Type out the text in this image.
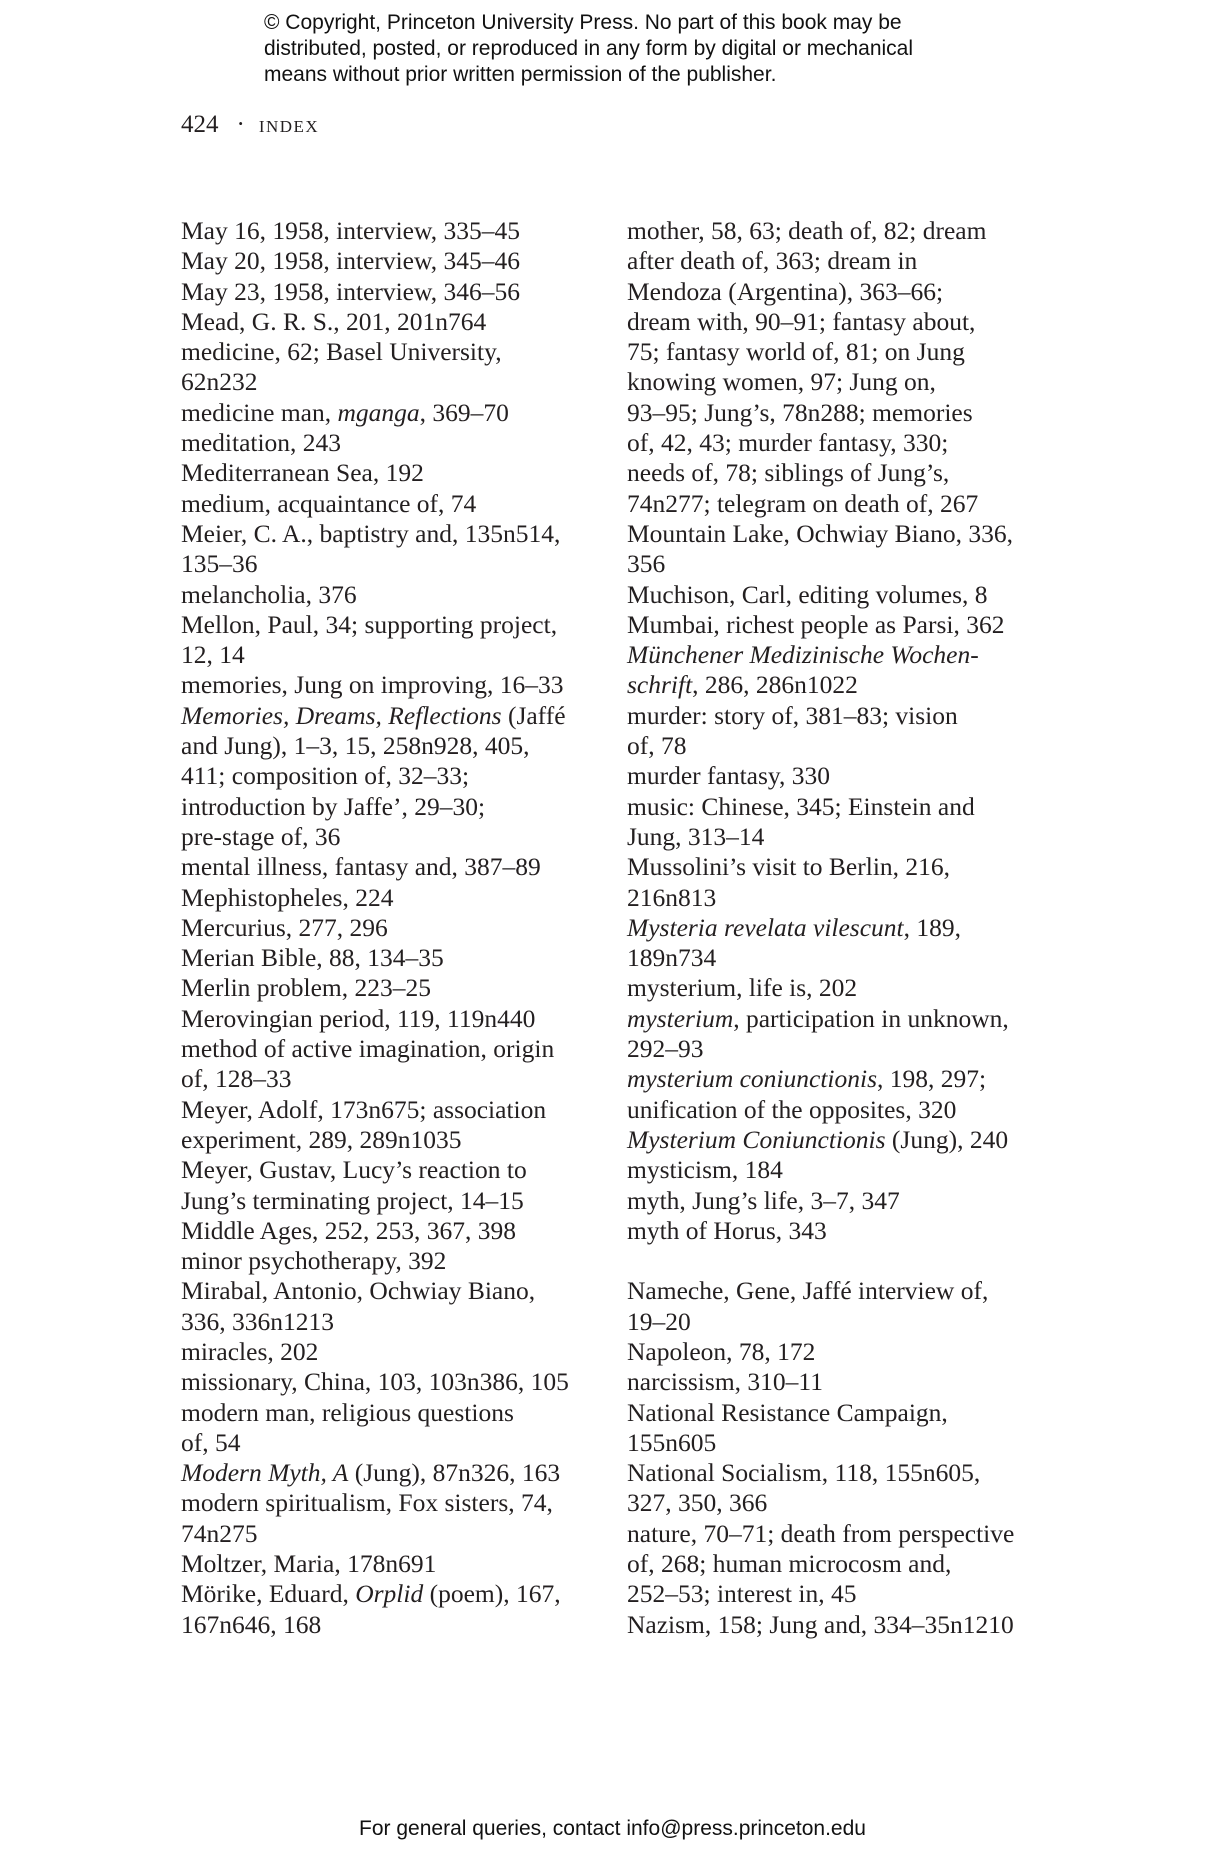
© Copyright, Princeton University Press. No part of this book may be
distributed, posted, or reproduced in any form by digital or mechanical
means without prior written permission of the publisher.
424 · index
May 16, 1958, interview, 335–45
May 20, 1958, interview, 345–46
May 23, 1958, interview, 346–56
Mead, G. R. S., 201, 201n764
medicine, 62; Basel University,
62n232
medicine man, mganga, 369–70
meditation, 243
Mediterranean Sea, 192
medium, acquaintance of, 74
Meier, C. A., baptistry and, 135n514,
135–36
melancholia, 376
Mellon, Paul, 34; supporting project,
12, 14
memories, Jung on improving, 16–33
Memories, Dreams, Reflections (Jaffé
and Jung), 1–3, 15, 258n928, 405,
411; composition of, 32–33;
introduction by Jaffe’, 29–30;
pre-stage of, 36
mental illness, fantasy and, 387–89
Mephistopheles, 224
Mercurius, 277, 296
Merian Bible, 88, 134–35
Merlin problem, 223–25
Merovingian period, 119, 119n440
method of active imagination, origin
of, 128–33
Meyer, Adolf, 173n675; association
experiment, 289, 289n1035
Meyer, Gustav, Lucy’s reaction to
Jung’s terminating project, 14–15
Middle Ages, 252, 253, 367, 398
minor psychotherapy, 392
Mirabal, Antonio, Ochwiay Biano,
336, 336n1213
miracles, 202
missionary, China, 103, 103n386, 105
modern man, religious questions
of, 54
Modern Myth, A (Jung), 87n326, 163
modern spiritualism, Fox sisters, 74,
74n275
Moltzer, Maria, 178n691
Mörike, Eduard, Orplid (poem), 167,
167n646, 168
mother, 58, 63; death of, 82; dream
after death of, 363; dream in
Mendoza (Argentina), 363–66;
dream with, 90–91; fantasy about,
75; fantasy world of, 81; on Jung
knowing women, 97; Jung on,
93–95; Jung’s, 78n288; memories
of, 42, 43; murder fantasy, 330;
needs of, 78; siblings of Jung’s,
74n277; telegram on death of, 267
Mountain Lake, Ochwiay Biano, 336,
356
Muchison, Carl, editing volumes, 8
Mumbai, richest people as Parsi, 362
Münchener Medizinische Wochen-
schrift, 286, 286n1022
murder: story of, 381–83; vision
of, 78
murder fantasy, 330
music: Chinese, 345; Einstein and
Jung, 313–14
Mussolini’s visit to Berlin, 216,
216n813
Mysteria revelata vilescunt, 189,
189n734
mysterium, life is, 202
mysterium, participation in unknown,
292–93
mysterium coniunctionis, 198, 297;
unification of the opposites, 320
Mysterium Coniunctionis (Jung), 240
mysticism, 184
myth, Jung’s life, 3–7, 347
myth of Horus, 343
Nameche, Gene, Jaffé interview of,
19–20
Napoleon, 78, 172
narcissism, 310–11
National Resistance Campaign,
155n605
National Socialism, 118, 155n605,
327, 350, 366
nature, 70–71; death from perspective
of, 268; human microcosm and,
252–53; interest in, 45
Nazism, 158; Jung and, 334–35n1210
For general queries, contact info@press.princeton.edu
